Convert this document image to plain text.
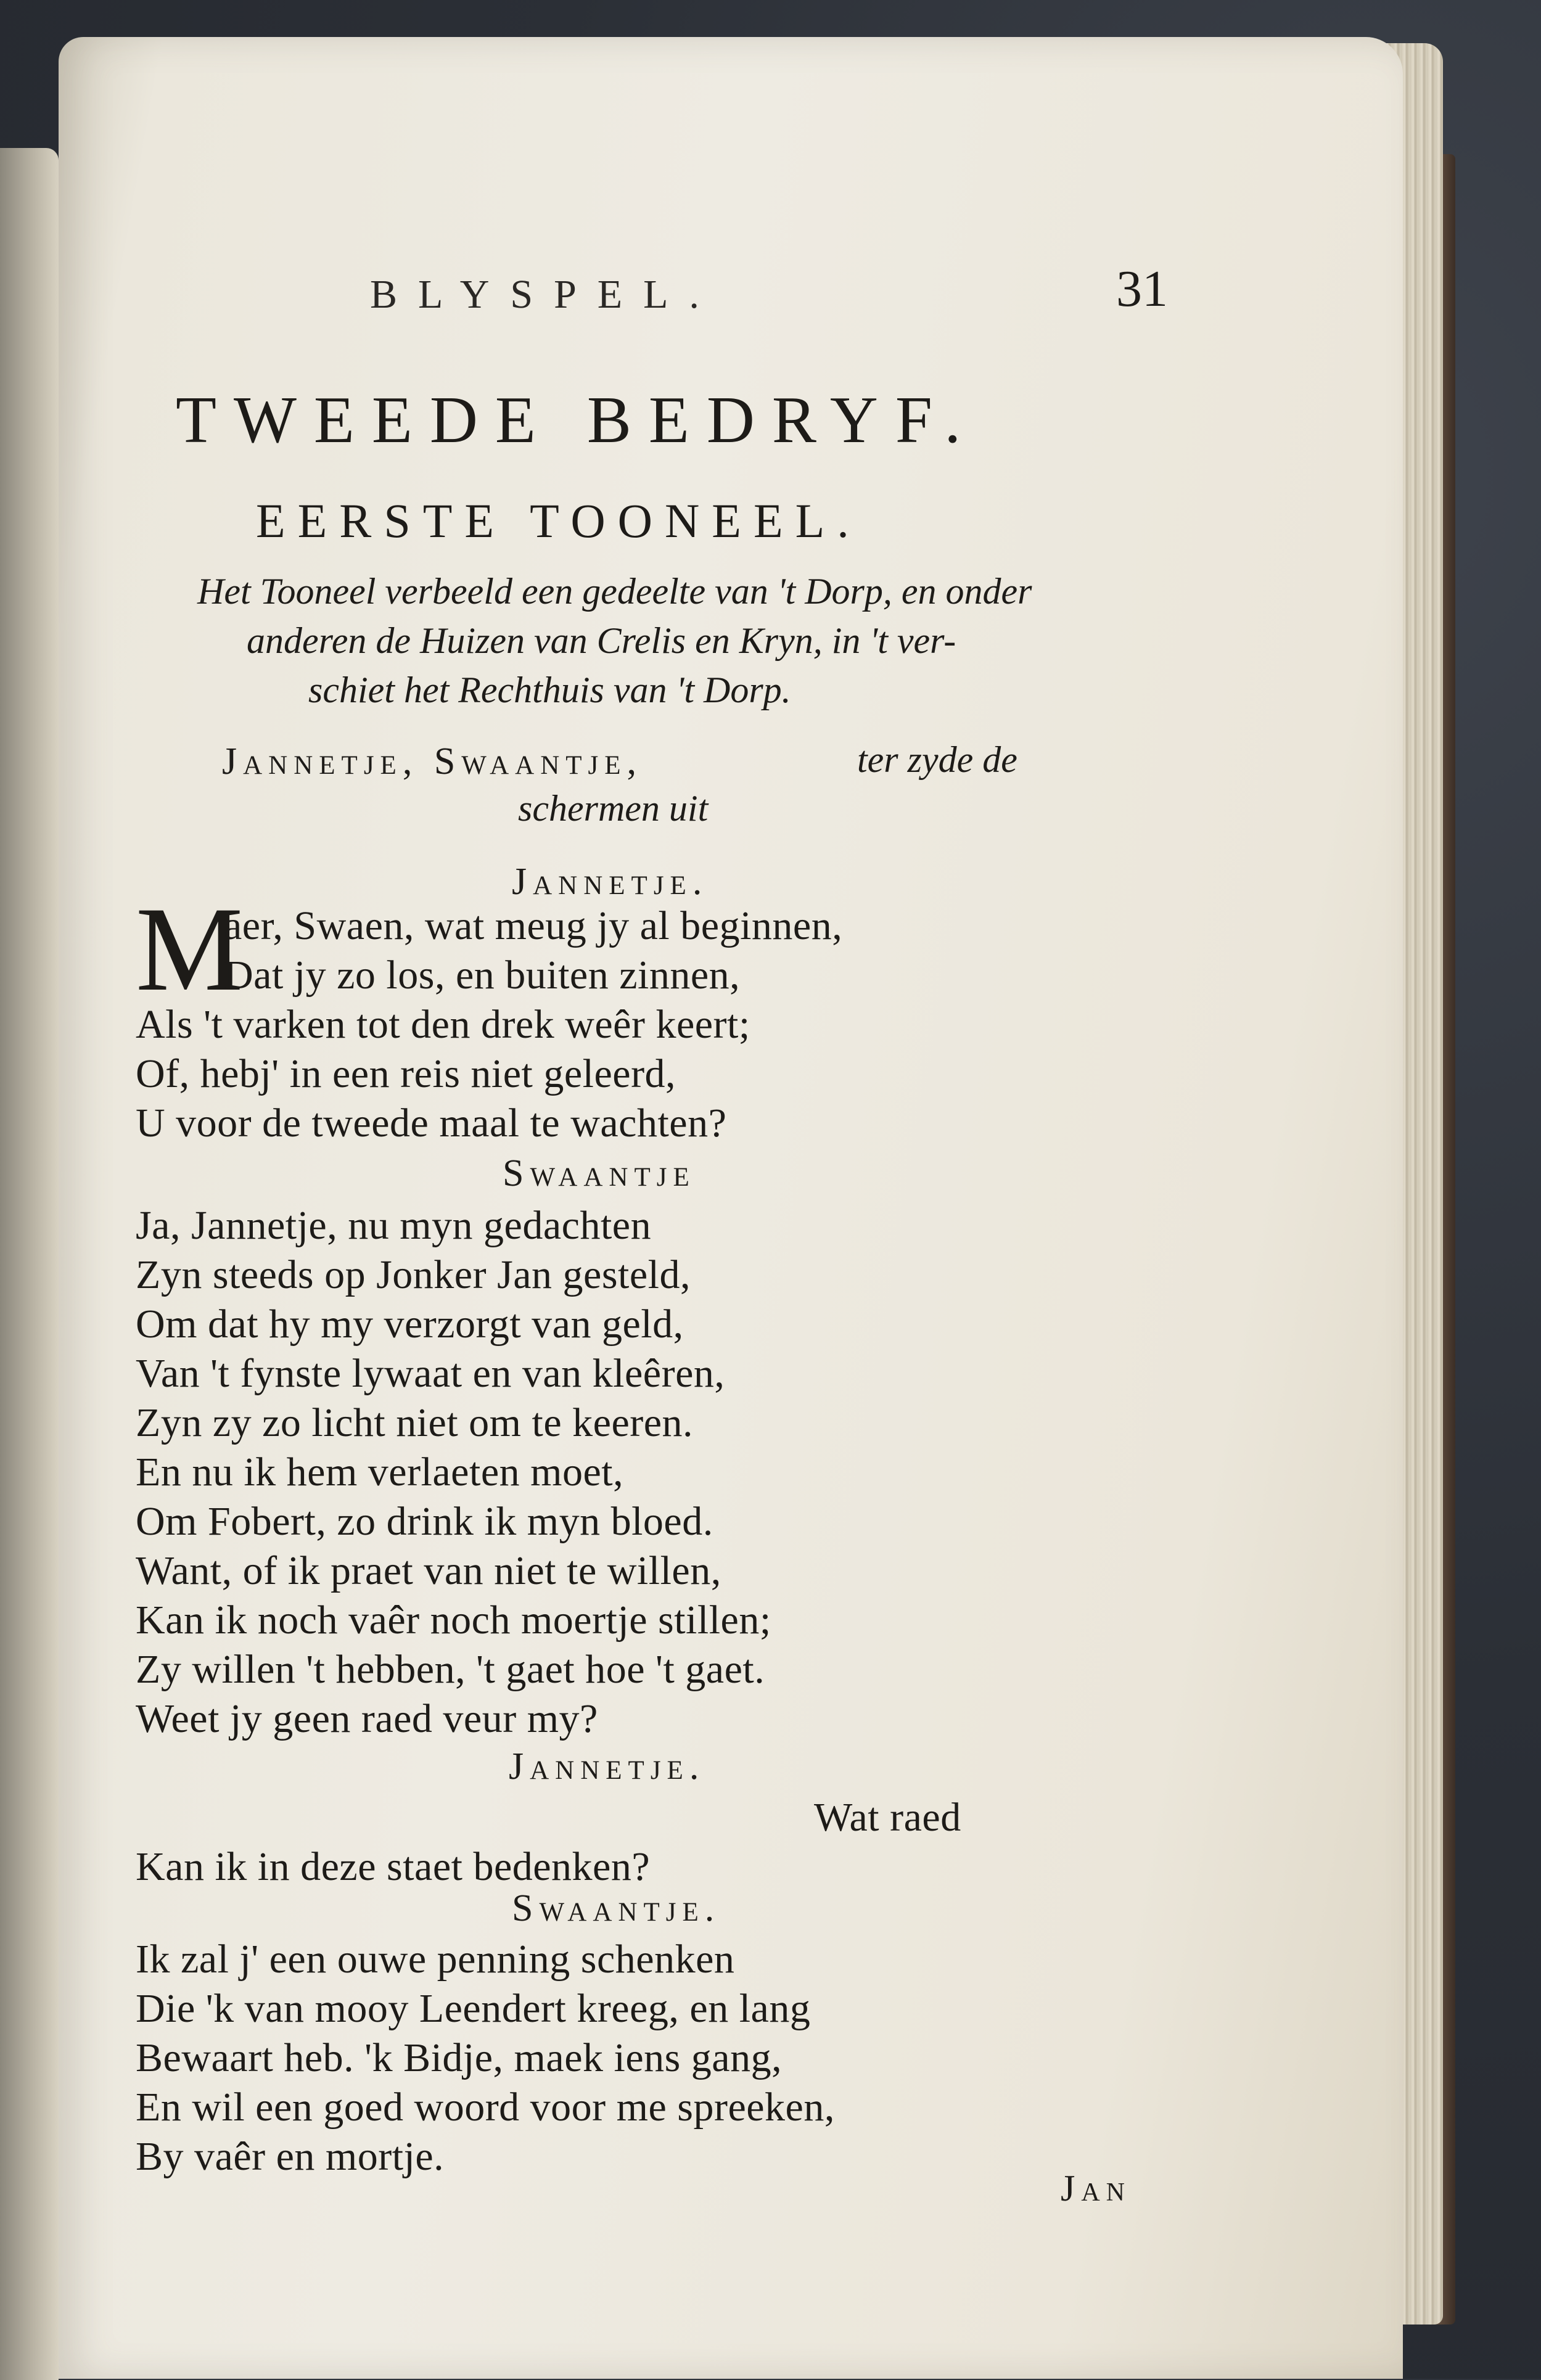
BLYSPEL.	31
TWEEDE BEDRYF.
EERSTE TOONEEL.
Het Tooneel verbeeld een gedeelte van 't Dorp, en onder
anderen de Huizen van Crelis en Kryn, in 't ver-
schiet het Rechthuis van 't Dorp.
Jannetje, Swaantje,	ter zyde de
schermen uit
Jannetje.
M
aer, Swaen, wat meug jy al beginnen,
Dat jy zo los, en buiten zinnen,
Als 't varken tot den drek weêr keert;
Of, hebj' in een reis niet geleerd,
U voor de tweede maal te wachten?
Swaantje
Ja, Jannetje, nu myn gedachten
Zyn steeds op Jonker Jan gesteld,
Om dat hy my verzorgt van geld,
Van 't fynste lywaat en van kleêren,
Zyn zy zo licht niet om te keeren.
En nu ik hem verlaeten moet,
Om Fobert, zo drink ik myn bloed.
Want, of ik praet van niet te willen,
Kan ik noch vaêr noch moertje stillen;
Zy willen 't hebben, 't gaet hoe 't gaet.
Weet jy geen raed veur my?
Jannetje.
Wat raed
Kan ik in deze staet bedenken?
Swaantje.
Ik zal j' een ouwe penning schenken
Die 'k van mooy Leendert kreeg, en lang
Bewaart heb. 'k Bidje, maek iens gang,
En wil een goed woord voor me spreeken,
By vaêr en mortje.
Jan
